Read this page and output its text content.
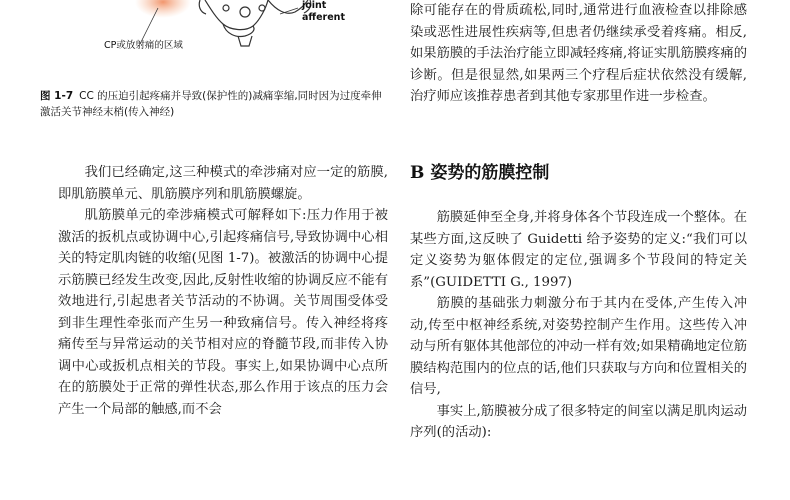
joint
afferent

CP或放射痛的区域

图 1-7 CC 的压迫引起疼痛并导致(保护性的)减痛挛缩,同时因为过度牵伸激活关节神经末梢(传入神经)

我们已经确定,这三种模式的牵涉痛对应一定的筋膜,即肌筋膜单元、肌筋膜序列和肌筋膜螺旋。

肌筋膜单元的牵涉痛模式可解释如下:压力作用于被激活的扳机点或协调中心,引起疼痛信号,导致协调中心相关的特定肌肉链的收缩(见图 1-7)。被激活的协调中心提示筋膜已经发生改变,因此,反射性收缩的协调反应不能有效地进行,引起患者关节活动的不协调。关节周围受体受到非生理性牵张而产生另一种致痛信号。传入神经将疼痛传至与异常运动的关节相对应的脊髓节段,而非传入协调中心或扳机点相关的节段。事实上,如果协调中心点所在的筋膜处于正常的弹性状态,那么作用于该点的压力会产生一个局部的触感,而不会

除可能存在的骨质疏松,同时,通常进行血液检查以排除感染或恶性进展性疾病等,但患者仍继续承受着疼痛。相反,如果筋膜的手法治疗能立即减轻疼痛,将证实肌筋膜疼痛的诊断。但是很显然,如果两三个疗程后症状依然没有缓解,治疗师应该推荐患者到其他专家那里作进一步检查。

B 姿势的筋膜控制

筋膜延伸至全身,并将身体各个节段连成一个整体。在某些方面,这反映了 Guidetti 给予姿势的定义:“我们可以定义姿势为躯体假定的定位,强调多个节段间的特定关系”(GUIDETTI G., 1997)

筋膜的基础张力刺激分布于其内在受体,产生传入冲动,传至中枢神经系统,对姿势控制产生作用。这些传入冲动与所有躯体其他部位的冲动一样有效;如果精确地定位筋膜结构范围内的位点的话,他们只获取与方向和位置相关的信号,

事实上,筋膜被分成了很多特定的间室以满足肌肉运动序列(的活动):
